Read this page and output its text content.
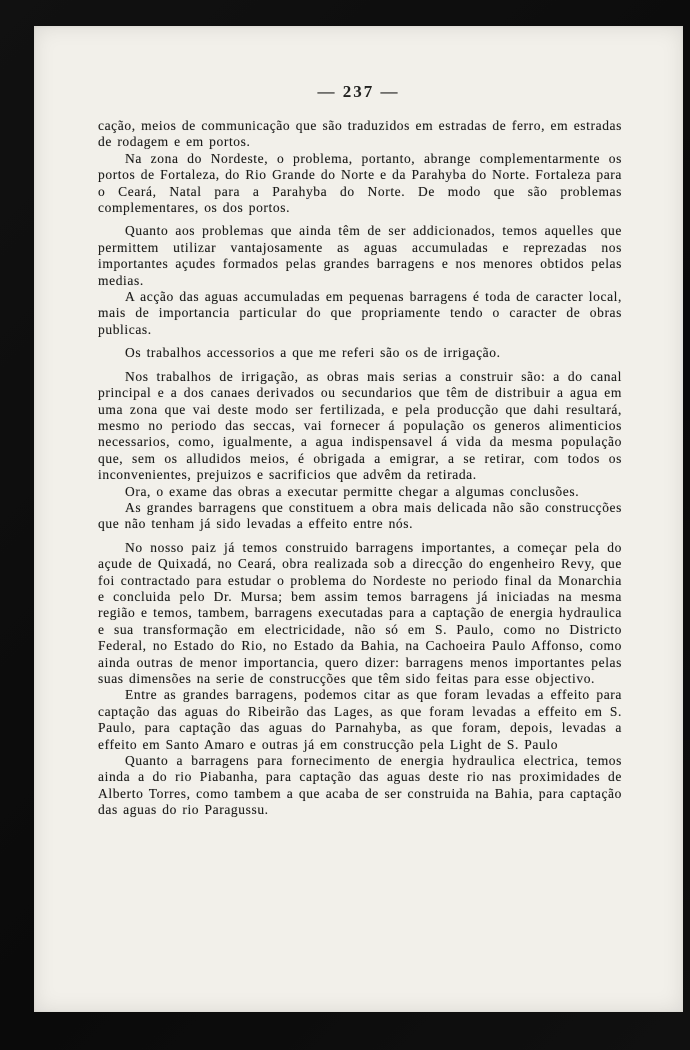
— 237 —

cação, meios de communicação que são traduzidos em estradas de ferro, em estradas de rodagem e em portos.

Na zona do Nordeste, o problema, portanto, abrange complementarmente os portos de Fortaleza, do Rio Grande do Norte e da Parahyba do Norte. Fortaleza para o Ceará, Natal para a Parahyba do Norte. De modo que são problemas complementares, os dos portos.

Quanto aos problemas que ainda têm de ser addicionados, temos aquelles que permittem utilizar vantajosamente as aguas accumuladas e reprezadas nos importantes açudes formados pelas grandes barragens e nos menores obtidos pelas medias.

A acção das aguas accumuladas em pequenas barragens é toda de caracter local, mais de importancia particular do que propriamente tendo o caracter de obras publicas.

Os trabalhos accessorios a que me referi são os de irrigação.

Nos trabalhos de irrigação, as obras mais serias a construir são: a do canal principal e a dos canaes derivados ou secundarios que têm de distribuir a agua em uma zona que vai deste modo ser fertilizada, e pela producção que dahi resultará, mesmo no periodo das seccas, vai fornecer á população os generos alimenticios necessarios, como, igualmente, a agua indispensavel á vida da mesma população que, sem os alludidos meios, é obrigada a emigrar, a se retirar, com todos os inconvenientes, prejuizos e sacrificios que advêm da retirada.

Ora, o exame das obras a executar permitte chegar a algumas conclusões.

As grandes barragens que constituem a obra mais delicada não são construcções que não tenham já sido levadas a effeito entre nós.

No nosso paiz já temos construido barragens importantes, a começar pela do açude de Quixadá, no Ceará, obra realizada sob a direcção do engenheiro Revy, que foi contractado para estudar o problema do Nordeste no periodo final da Monarchia e concluida pelo Dr. Mursa; bem assim temos barragens já iniciadas na mesma região e temos, tambem, barragens executadas para a captação de energia hydraulica e sua transformação em electricidade, não só em S. Paulo, como no Districto Federal, no Estado do Rio, no Estado da Bahia, na Cachoeira Paulo Affonso, como ainda outras de menor importancia, quero dizer: barragens menos importantes pelas suas dimensões na serie de construcções que têm sido feitas para esse objectivo.

Entre as grandes barragens, podemos citar as que foram levadas a effeito para captação das aguas do Ribeirão das Lages, as que foram levadas a effeito em S. Paulo, para captação das aguas do Parnahyba, as que foram, depois, levadas a effeito em Santo Amaro e outras já em construcção pela Light de S. Paulo

Quanto a barragens para fornecimento de energia hydraulica electrica, temos ainda a do rio Piabanha, para captação das aguas deste rio nas proximidades de Alberto Torres, como tambem a que acaba de ser construida na Bahia, para captação das aguas do rio Paragussu.
